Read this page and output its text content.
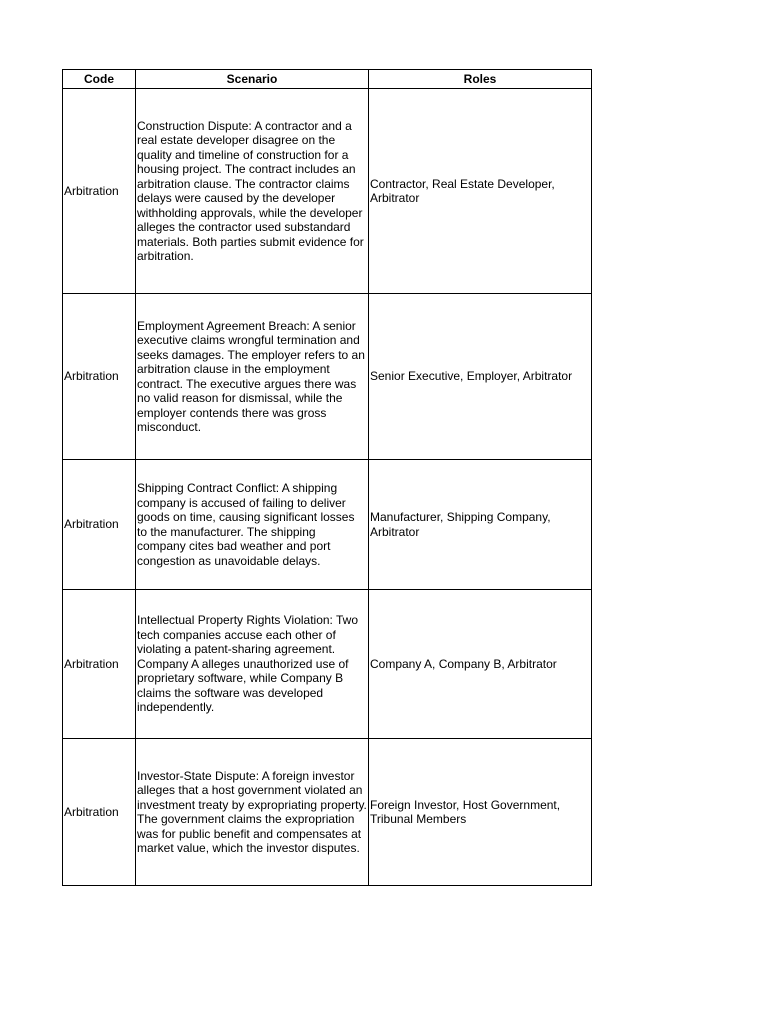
Code	Scenario	Roles
Arbitration	Construction Dispute: A contractor and a real estate developer disagree on the quality and timeline of construction for a housing project. The contract includes an arbitration clause. The contractor claims delays were caused by the developer withholding approvals, while the developer alleges the contractor used substandard materials. Both parties submit evidence for arbitration.	Contractor, Real Estate Developer, Arbitrator
Arbitration	Employment Agreement Breach: A senior executive claims wrongful termination and seeks damages. The employer refers to an arbitration clause in the employment contract. The executive argues there was no valid reason for dismissal, while the employer contends there was gross misconduct.	Senior Executive, Employer, Arbitrator
Arbitration	Shipping Contract Conflict: A shipping company is accused of failing to deliver goods on time, causing significant losses to the manufacturer. The shipping company cites bad weather and port congestion as unavoidable delays.	Manufacturer, Shipping Company, Arbitrator
Arbitration	Intellectual Property Rights Violation: Two tech companies accuse each other of violating a patent-sharing agreement. Company A alleges unauthorized use of proprietary software, while Company B claims the software was developed independently.	Company A, Company B, Arbitrator
Arbitration	Investor-State Dispute: A foreign investor alleges that a host government violated an investment treaty by expropriating property. The government claims the expropriation was for public benefit and compensates at market value, which the investor disputes.	Foreign Investor, Host Government, Tribunal Members
